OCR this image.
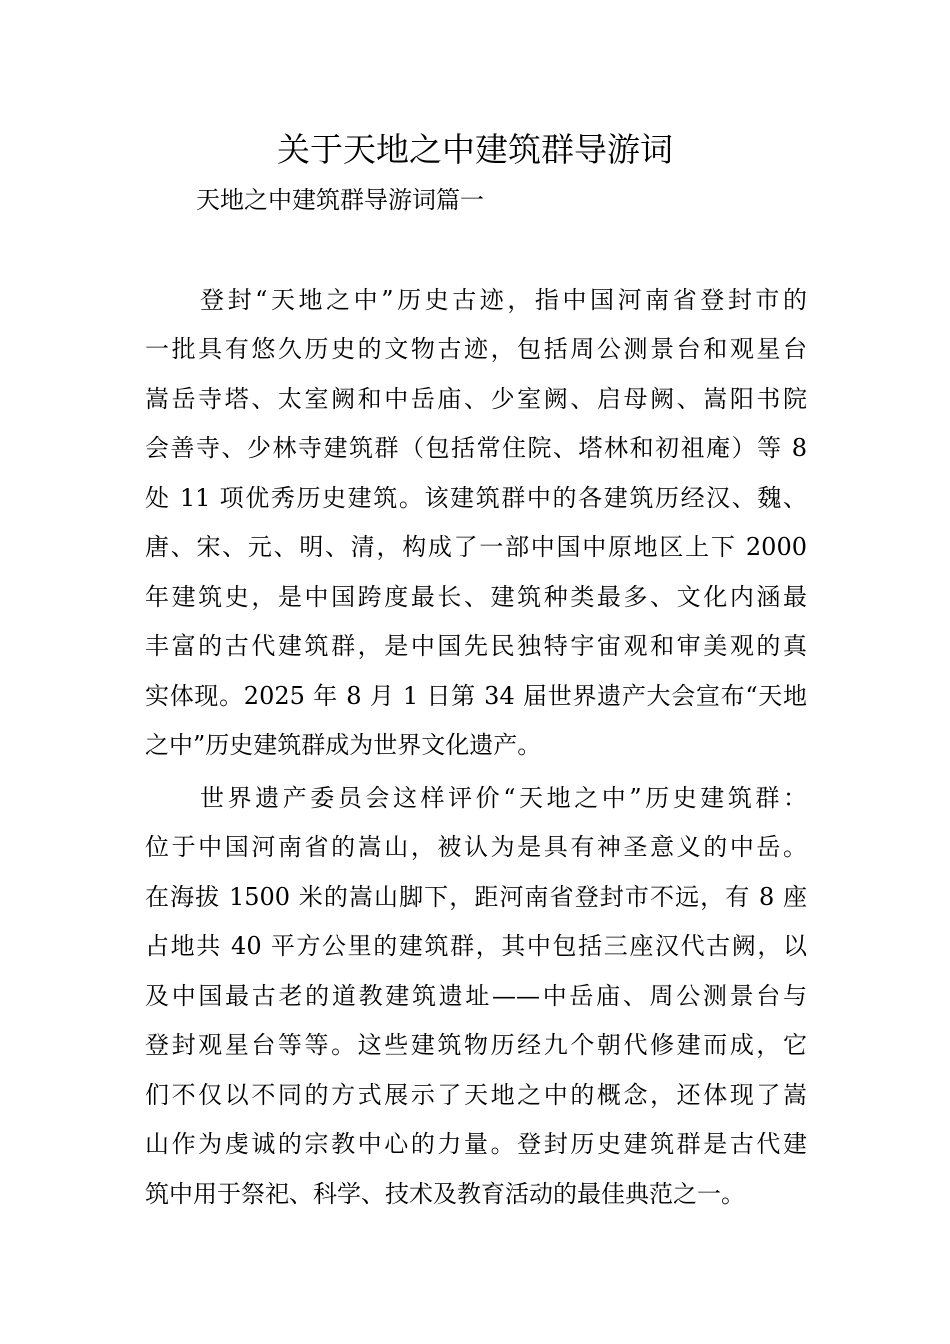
关于天地之中建筑群导游词

天地之中建筑群导游词篇一

登封“天地之中”历史古迹，指中国河南省登封市的
一批具有悠久历史的文物古迹，包括周公测景台和观星台
嵩岳寺塔、太室阙和中岳庙、少室阙、启母阙、嵩阳书院
会善寺、少林寺建筑群（包括常住院、塔林和初祖庵）等 8
处 11 项优秀历史建筑。该建筑群中的各建筑历经汉、魏、
唐、宋、元、明、清，构成了一部中国中原地区上下 2000
年建筑史，是中国跨度最长、建筑种类最多、文化内涵最
丰富的古代建筑群，是中国先民独特宇宙观和审美观的真
实体现。2025 年 8 月 1 日第 34 届世界遗产大会宣布“天地
之中”历史建筑群成为世界文化遗产。
世界遗产委员会这样评价“天地之中”历史建筑群：
位于中国河南省的嵩山，被认为是具有神圣意义的中岳。
在海拔 1500 米的嵩山脚下，距河南省登封市不远，有 8 座
占地共 40 平方公里的建筑群，其中包括三座汉代古阙，以
及中国最古老的道教建筑遗址——中岳庙、周公测景台与
登封观星台等等。这些建筑物历经九个朝代修建而成，它
们不仅以不同的方式展示了天地之中的概念，还体现了嵩
山作为虔诚的宗教中心的力量。登封历史建筑群是古代建
筑中用于祭祀、科学、技术及教育活动的最佳典范之一。
